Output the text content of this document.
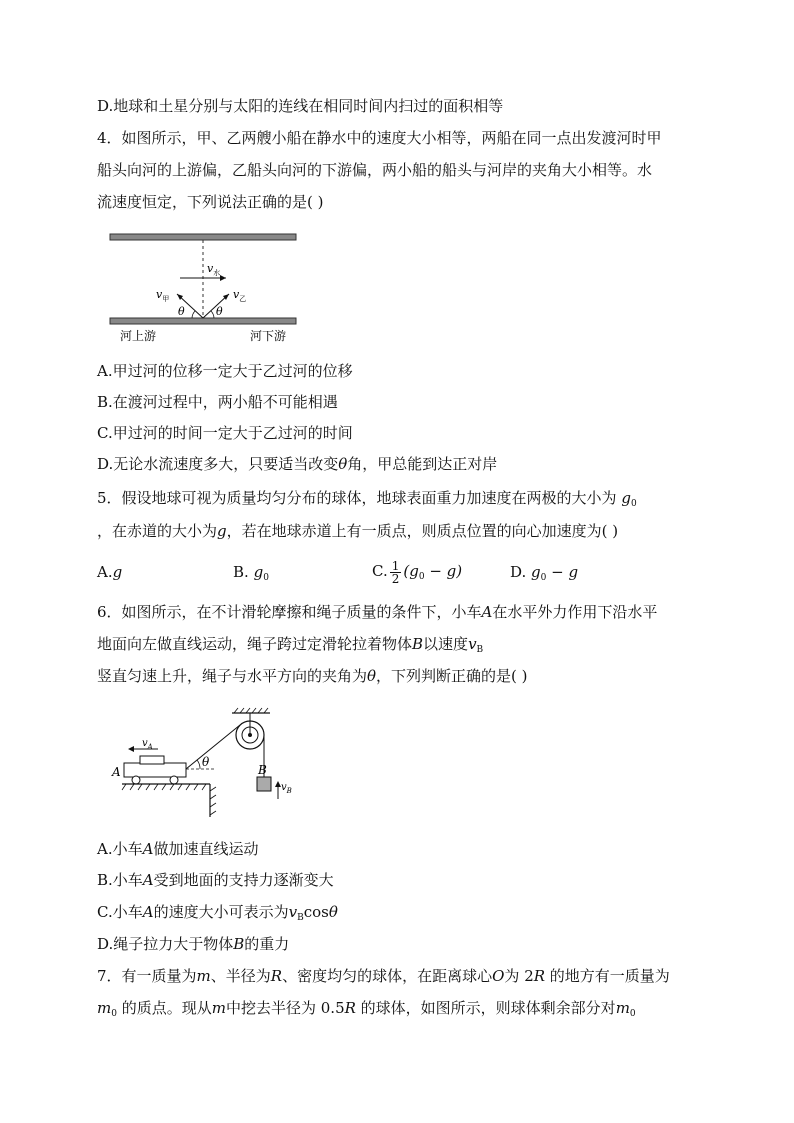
D.地球和土星分别与太阳的连线在相同时间内扫过的面积相等
4．如图所示，甲、乙两艘小船在静水中的速度大小相等，两船在同一点出发渡河时甲
船头向河的上游偏，乙船头向河的下游偏，两小船的船头与河岸的夹角大小相等。水
流速度恒定，下列说法正确的是( )
$v_水$
$v_甲$	$v_乙$
θ	θ
河上游	河下游
A.甲过河的位移一定大于乙过河的位移
B.在渡河过程中，两小船不可能相遇
C.甲过河的时间一定大于乙过河的时间
D.无论水流速度多大，只要适当改变θ角，甲总能到达正对岸
5．假设地球可视为质量均匀分布的球体，地球表面重力加速度在两极的大小为 $g_0$
，在赤道的大小为g，若在地球赤道上有一质点，则质点位置的向心加速度为( )
A.g	B. $g_0$	C. $\frac{1}{2} (g_0 - g)$	D. $g_0 - g$
6．如图所示，在不计滑轮摩擦和绳子质量的条件下，小车A在水平外力作用下沿水平
地面向左做直线运动，绳子跨过定滑轮拉着物体B以速度$v_B$
竖直匀速上升，绳子与水平方向的夹角为θ，下列判断正确的是( )
B
$v_B$
θ
$v_A$
A
A.小车A做加速直线运动
B.小车A受到地面的支持力逐渐变大
C.小车A的速度大小可表示为$v_B\cos\theta$
D.绳子拉力大于物体B的重力
7．有一质量为m、半径为R、密度均匀的球体，在距离球心O为 2R 的地方有一质量为
$m_0$ 的质点。现从m中挖去半径为 0.5R 的球体，如图所示，则球体剩余部分对$m_0$
